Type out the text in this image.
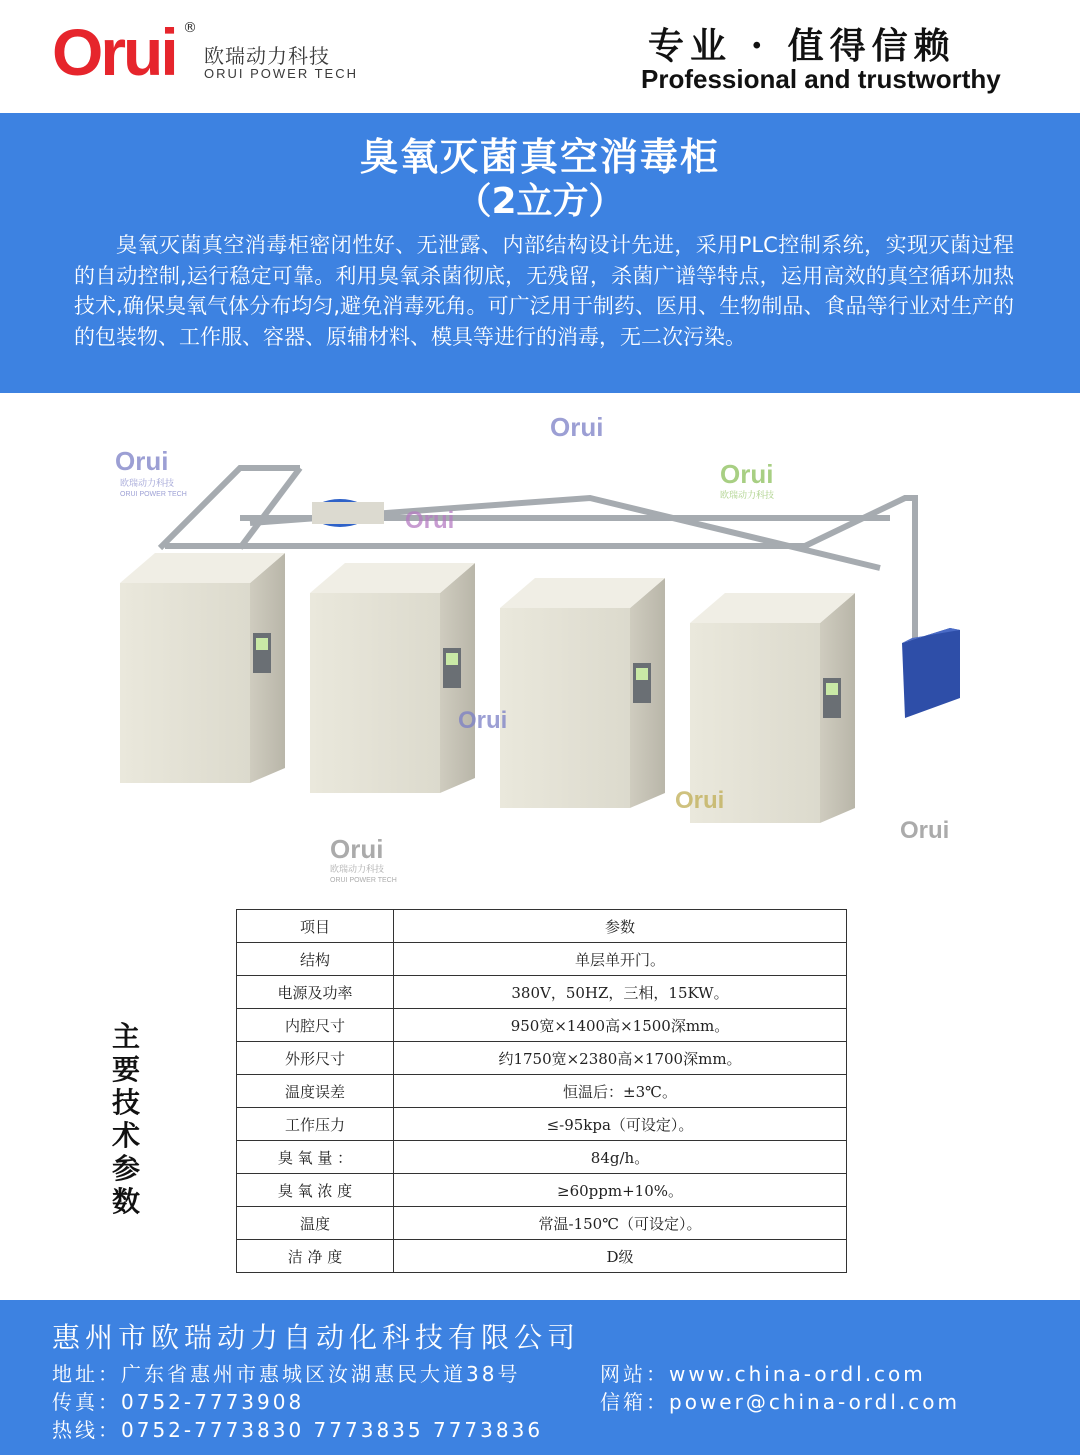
Orui ®
欧瑞动力科技
ORUI POWER TECH
专业 · 值得信赖
Professional and trustworthy
臭氧灭菌真空消毒柜
（2立方）
臭氧灭菌真空消毒柜密闭性好、无泄露、内部结构设计先进，采用PLC控制系统，实现灭菌过程的自动控制,运行稳定可靠。利用臭氧杀菌彻底，无残留，杀菌广谱等特点，运用高效的真空循环加热技术,确保臭氧气体分布均匀,避免消毒死角。可广泛用于制药、医用、生物制品、食品等行业对生产的的包装物、工作服、容器、原辅材料、模具等进行的消毒，无二次污染。
Orui
Orui
Orui
Orui
Orui
Orui
Orui
Orui
欧瑞动力科技
欧瑞动力科技
欧瑞动力科技
ORUI POWER TECH
ORUI POWER TECH
主要技术参数
项目	参数
结构	单层单开门。
电源及功率	380V，50HZ，三相，15KW。
内腔尺寸	950宽×1400高×1500深mm。
外形尺寸	约1750宽×2380高×1700深mm。
温度误差	恒温后：±3℃。
工作压力	≤-95kpa（可设定）。
臭 氧 量 ：	84g/h。
臭 氧 浓 度	≥60ppm+10%。
温度	常温-150℃（可设定）。
洁 净 度	D级
惠州市欧瑞动力自动化科技有限公司
地址：广东省惠州市惠城区汝湖惠民大道38号
传真：0752-7773908
热线：0752-7773830 7773835 7773836
网站：www.china-ordl.com
信箱：power@china-ordl.com
